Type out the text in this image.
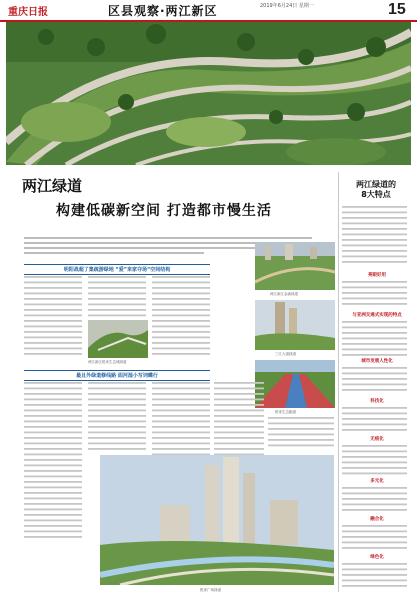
重庆日报	区县观察·两江新区	2019年6月24日 星期一	15
两江绿道
构建低碳新空间 打造都市慢生活
明阳战超了集疏游绿地 “爱”来家夺场“空间结构
两江新区悦来生态城绿道
两江新区金渝绿道
三江大道绿道
悦来生态跑道
最且外绿道修线路 面河湿小写词蝶行
悦来广场绿道
两江绿道的
8大特点
亮眼好用
与亚洲交通式实现的特点
城市发展人性化
科技化
无痕化
多元化
融合化
绿色化
